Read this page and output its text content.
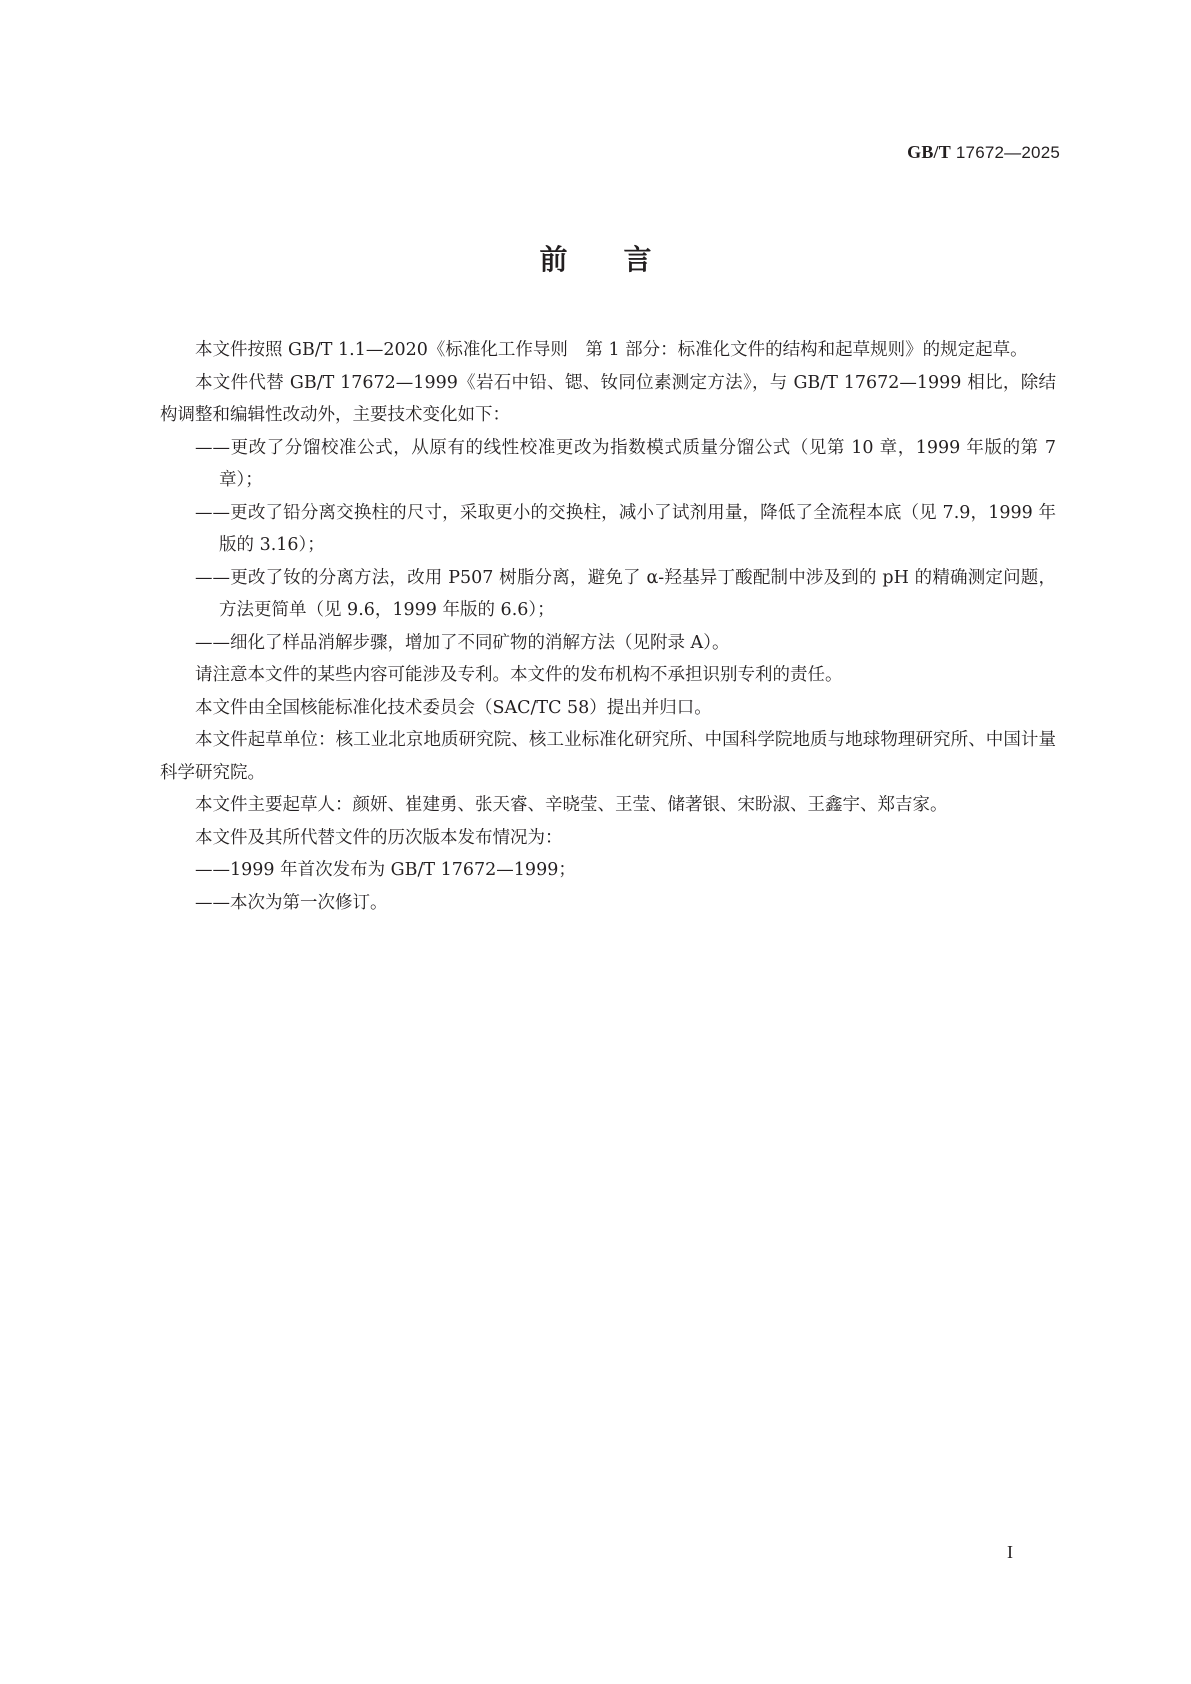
GB/T 17672—2025
前　　言

本文件按照 GB/T 1.1—2020《标准化工作导则　第 1 部分：标准化文件的结构和起草规则》的规定起草。

本文件代替 GB/T 17672—1999《岩石中铅、锶、钕同位素测定方法》，与 GB/T 17672—1999 相比，除结构调整和编辑性改动外，主要技术变化如下：

——更改了分馏校准公式，从原有的线性校准更改为指数模式质量分馏公式（见第 10 章，1999 年版的第 7 章）；

——更改了铅分离交换柱的尺寸，采取更小的交换柱，减小了试剂用量，降低了全流程本底（见 7.9，1999 年版的 3.16）；

——更改了钕的分离方法，改用 P507 树脂分离，避免了 α-羟基异丁酸配制中涉及到的 pH 的精确测定问题，方法更简单（见 9.6，1999 年版的 6.6）；

——细化了样品消解步骤，增加了不同矿物的消解方法（见附录 A）。

请注意本文件的某些内容可能涉及专利。本文件的发布机构不承担识别专利的责任。

本文件由全国核能标准化技术委员会（SAC/TC 58）提出并归口。

本文件起草单位：核工业北京地质研究院、核工业标准化研究所、中国科学院地质与地球物理研究所、中国计量科学研究院。

本文件主要起草人：颜妍、崔建勇、张天睿、辛晓莹、王莹、储著银、宋盼淑、王鑫宇、郑吉家。

本文件及其所代替文件的历次版本发布情况为：

——1999 年首次发布为 GB/T 17672—1999；

——本次为第一次修订。

I
